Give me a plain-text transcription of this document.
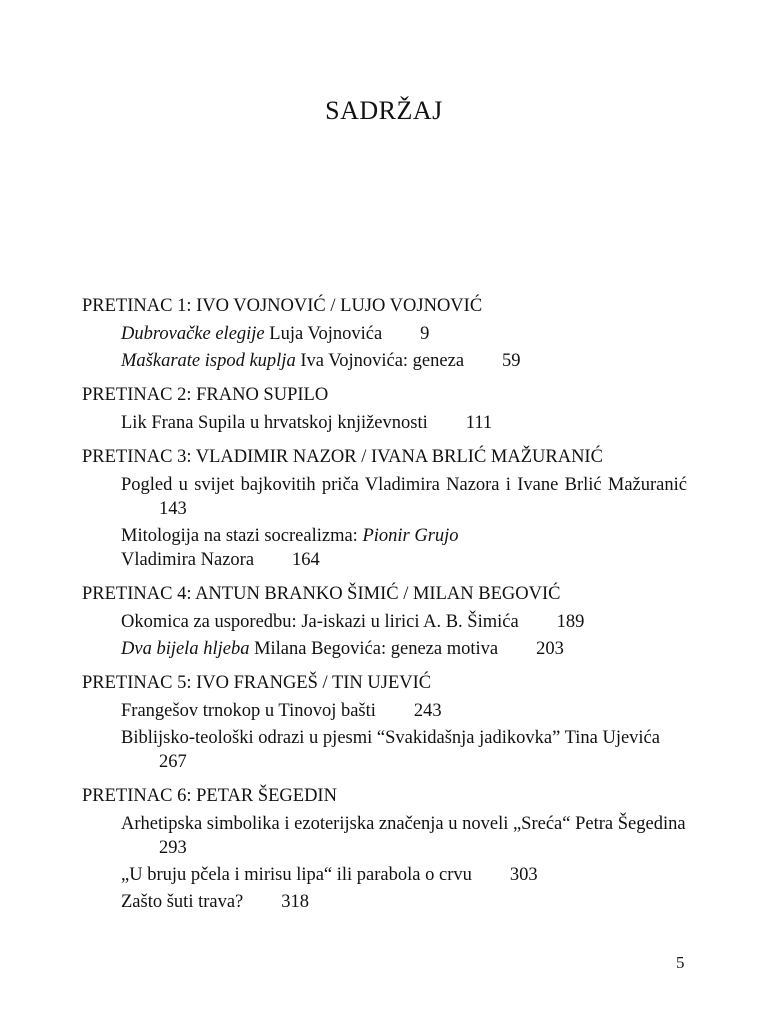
SADRŽAJ
PRETINAC 1: IVO VOJNOVIĆ / LUJO VOJNOVIĆ
Dubrovačke elegije Luja Vojnovića 9
Maškarate ispod kuplja Iva Vojnovića: geneza 59
PRETINAC 2: FRANO SUPILO
Lik Frana Supila u hrvatskoj književnosti 111
PRETINAC 3: VLADIMIR NAZOR / IVANA BRLIĆ MAŽURANIĆ
Pogled u svijet bajkovitih priča Vladimira Nazora i Ivane Brlić Mažuranić143
Mitologija na stazi socrealizma: Pionir Grujo
Vladimira Nazora 164
PRETINAC 4: ANTUN BRANKO ŠIMIĆ / MILAN BEGOVIĆ
Okomica za usporedbu: Ja-iskazi u lirici A. B. Šimića 189
Dva bijela hljeba Milana Begovića: geneza motiva 203
PRETINAC 5: IVO FRANGEŠ / TIN UJEVIĆ
Frangešov trnokop u Tinovoj bašti 243
Biblijsko-teološki odrazi u pjesmi “Svakidašnja jadikovka” Tina Ujevića267
PRETINAC 6: PETAR ŠEGEDIN
Arhetipska simbolika i ezoterijska značenja u noveli „Sreća“ Petra Šegedina293
„U bruju pčela i mirisu lipa“ ili parabola o crvu 303
Zašto šuti trava? 318
5
